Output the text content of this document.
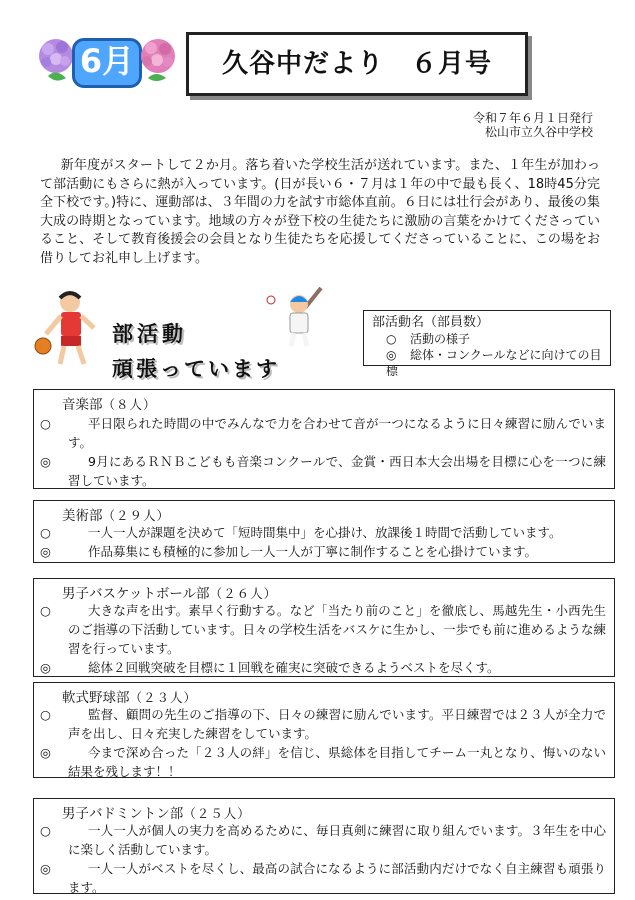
6月	久谷中だより　６月号
令和７年６月１日発行
松山市立久谷中学校
新年度がスタートして２か月。落ち着いた学校生活が送れています。また、１年生が加わって部活動にもさらに熱が入っています。(日が長い６・７月は１年の中で最も長く、18時45分完全下校です。)特に、運動部は、３年間の力を試す市総体直前。６日には壮行会があり、最後の集大成の時期となっています。地域の方々が登下校の生徒たちに激励の言葉をかけてくださっていること、そして教育後援会の会員となり生徒たちを応援してくださっていることに、この場をお借りしてお礼申し上げます。
部活動
頑張っています
部活動名（部員数）
○ 活動の様子
◎ 総体・コンクールなどに向けての目標
音楽部（８人）
○	平日限られた時間の中でみんなで力を合わせて音が一つになるように日々練習に励んでいます。
◎	9月にあるＲＮＢこどもも音楽コンクールで、金賞・西日本大会出場を目標に心を一つに練習しています。
美術部（２９人）
○	一人一人が課題を決めて「短時間集中」を心掛け、放課後１時間で活動しています。
◎	作品募集にも積極的に参加し一人一人が丁寧に制作することを心掛けています。
男子バスケットボール部（２６人）
○	大きな声を出す。素早く行動する。など「当たり前のこと」を徹底し、馬越先生・小西先生のご指導の下活動しています。日々の学校生活をバスケに生かし、一歩でも前に進めるような練習を行っています。
◎	総体２回戦突破を目標に１回戦を確実に突破できるようベストを尽くす。
軟式野球部（２３人）
○	監督、顧問の先生のご指導の下、日々の練習に励んでいます。平日練習では２３人が全力で声を出し、日々充実した練習をしています。
◎	今まで深め合った「２３人の絆」を信じ、県総体を目指してチーム一丸となり、悔いのない結果を残します！！
男子バドミントン部（２５人）
○	一人一人が個人の実力を高めるために、毎日真剣に練習に取り組んでいます。３年生を中心に楽しく活動しています。
◎	一人一人がベストを尽くし、最高の試合になるように部活動内だけでなく自主練習も頑張ります。
